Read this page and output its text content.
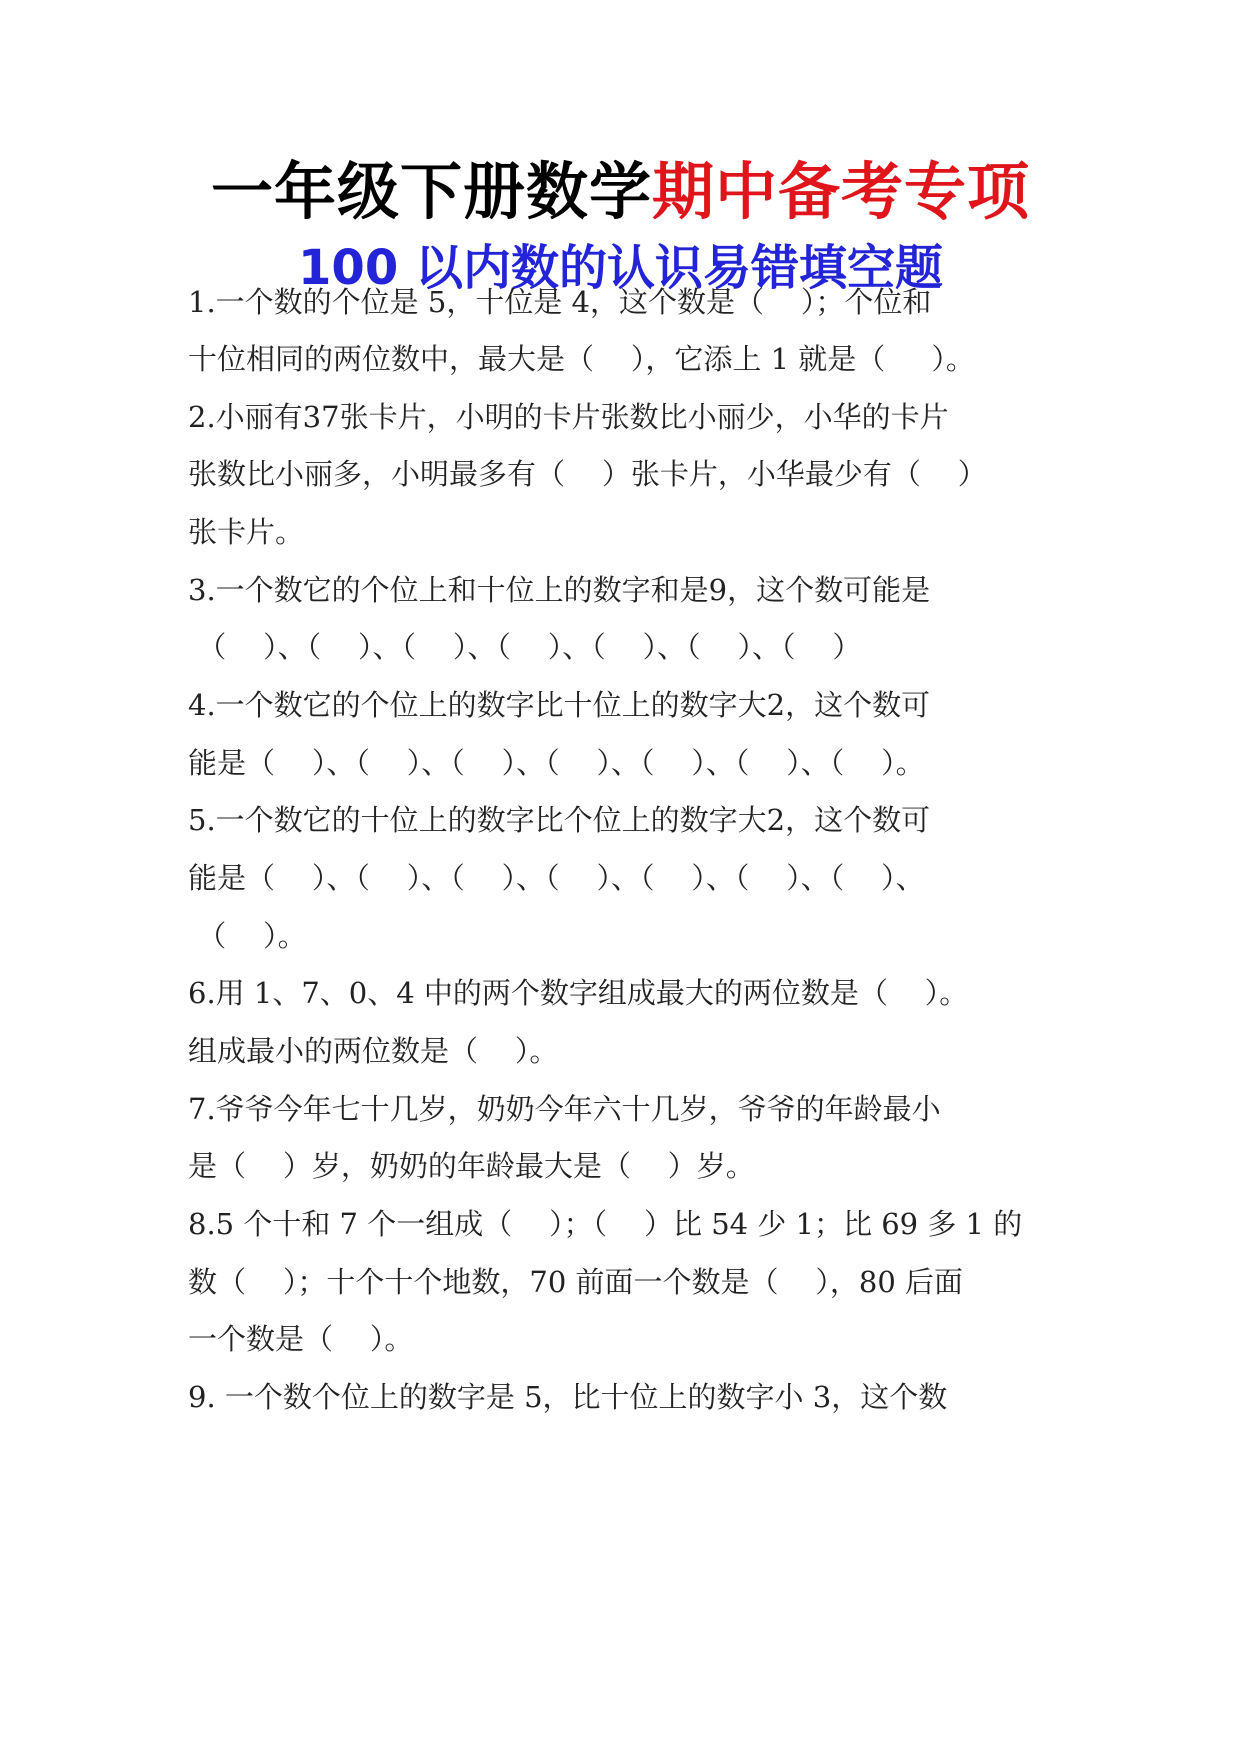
一年级下册数学期中备考专项
100 以内数的认识易错填空题
1.一个数的个位是 5，十位是 4，这个数是（    ）；个位和
十位相同的两位数中，最大是（    ），它添上 1 就是（     ）。
2.小丽有37张卡片，小明的卡片张数比小丽少，小华的卡片
张数比小丽多，小明最多有（    ）张卡片，小华最少有（    ）
张卡片。
3.一个数它的个位上和十位上的数字和是9，这个数可能是
（    ）、（    ）、（    ）、（    ）、（    ）、（    ）、（    ）
4.一个数它的个位上的数字比十位上的数字大2，这个数可
能是（    ）、（    ）、（    ）、（    ）、（    ）、（    ）、（    ）。
5.一个数它的十位上的数字比个位上的数字大2，这个数可
能是（    ）、（    ）、（    ）、（    ）、（    ）、（    ）、（    ）、
（    ）。
6.用 1、7、0、4 中的两个数字组成最大的两位数是（    ）。
组成最小的两位数是（    ）。
7.爷爷今年七十几岁，奶奶今年六十几岁，爷爷的年龄最小
是（    ）岁，奶奶的年龄最大是（    ）岁。
8.5 个十和 7 个一组成（    ）；（    ）比 54 少 1；比 69 多 1 的
数（    ）；十个十个地数，70 前面一个数是（    ），80 后面
一个数是（    ）。
9. 一个数个位上的数字是 5，比十位上的数字小 3，这个数
